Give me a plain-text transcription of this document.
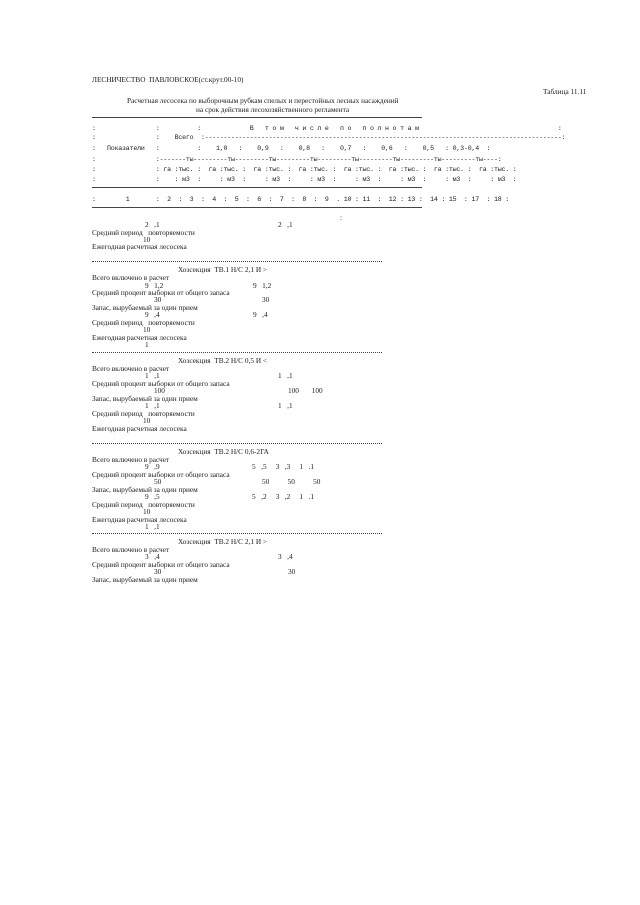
ЛЕСНИЧЕСТВО  ПАВЛОВСКОЕ(ст.крут.00-10)
Таблица 11.11
Расчетная лесосека по выборочным рубкам спелых и перестойных лесных насаждений
на срок действия лесохозяйственного регламента
:                :          :             В   т о м   ч и с л е   п о   п о л н о т а м                                     :
:                :    Всего  :-----------------------------------------------------------------------------------------------:
:   Показатели   :          :    1,0   :    0,9   :    0,8   :    0,7   :    0,6   :    0,5   : 0,3-0,4  :
:                :-------ты---------ты---------ты---------ты---------ты---------ты---------ты---------ты----:
:                : га :тыс. :  га :тыс. :  га :тыс. :  га :тыс. :  га :тыс. :  га :тыс. :  га :тыс. :  га :тыс. :
:                :    : м3  :     : м3  :     : м3  :     : м3  :     : м3  :     : м3  :     : м3  :     : м3  :
:        1       :  2  :  3  :  4  :  5  :  6  :  7  :  8  :  9  . 10 : 11  :  12 : 13 :  14 : 15  : 17  : 18 :
:
2   ,1	2   ,1
Средний период   повторяемости
10
Ежегодная расчетная лесосека
Хозсекция  ТВ.1 Н/С 2,1 И >
Всего включено в расчет
9   1,2	9   1,2
Средний процент выборки от общего запаса
30	30
Запас, вырубаемый за один прием
9   ,4	9   ,4
Средний период   повторяемости
10
Ежегодная расчетная лесосека
1
Хозсекция  ТВ.2 Н/С 0,5 И <
Всего включено в расчет
1   ,1	1   ,1
Средний процент выборки от общего запаса
100	100       100
Запас, вырубаемый за один прием
1   ,1	1   ,1
Средний период   повторяемости
10
Ежегодная расчетная лесосека
Хозсекция  ТВ.2 Н/С 0,6-2ГА
Всего включено в расчет
9   ,9	5   ,5     3   ,3     1   .1
Средний процент выборки от общего запаса
50	50          50          50
Запас, вырубаемый за один прием
9   ,5	5   ,2     3   ,2     1   .1
Средний период   повторяемости
10
Ежегодная расчетная лесосека
1   ,1
Хозсекция  ТВ.2 Н/С 2,1 И >
Всего включено в расчет
3   ,4	3   ,4
Средний процент выборки от общего запаса
30	30
Запас, вырубаемый за один прием
